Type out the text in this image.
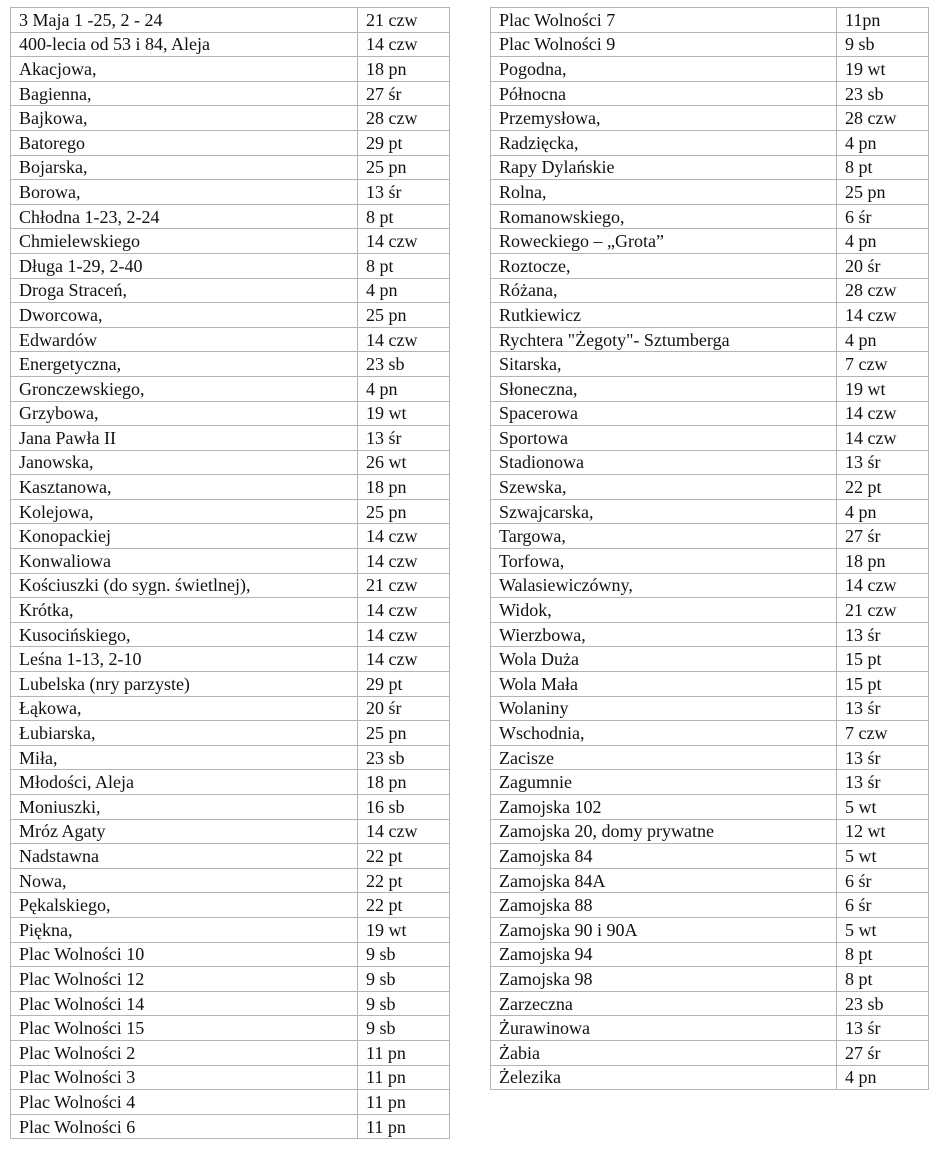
3 Maja 1 -25, 2 - 24	21 czw
400-lecia od 53 i 84, Aleja	14 czw
Akacjowa,	18 pn
Bagienna,	27 śr
Bajkowa,	28 czw
Batorego	29 pt
Bojarska,	25 pn
Borowa,	13 śr
Chłodna 1-23, 2-24	8 pt
Chmielewskiego	14 czw
Długa 1-29, 2-40	8 pt
Droga Straceń,	4 pn
Dworcowa,	25 pn
Edwardów	14 czw
Energetyczna,	23 sb
Gronczewskiego,	4 pn
Grzybowa,	19 wt
Jana Pawła II	13 śr
Janowska,	26 wt
Kasztanowa,	18 pn
Kolejowa,	25 pn
Konopackiej	14 czw
Konwaliowa	14 czw
Kościuszki (do sygn. świetlnej),	21 czw
Krótka,	14 czw
Kusocińskiego,	14 czw
Leśna 1-13, 2-10	14 czw
Lubelska (nry parzyste)	29 pt
Łąkowa,	20 śr
Łubiarska,	25 pn
Miła,	23 sb
Młodości, Aleja	18 pn
Moniuszki,	16 sb
Mróz Agaty	14 czw
Nadstawna	22 pt
Nowa,	22 pt
Pękalskiego,	22 pt
Piękna,	19 wt
Plac Wolności 10	9 sb
Plac Wolności 12	9 sb
Plac Wolności 14	9 sb
Plac Wolności 15	9 sb
Plac Wolności 2	11 pn
Plac Wolności 3	11 pn
Plac Wolności 4	11 pn
Plac Wolności 6	11 pn
Plac Wolności 7	11pn
Plac Wolności 9	9 sb
Pogodna,	19 wt
Północna	23 sb
Przemysłowa,	28 czw
Radzięcka,	4 pn
Rapy Dylańskie	8 pt
Rolna,	25 pn
Romanowskiego,	6 śr
Roweckiego – „Grota”	4 pn
Roztocze,	20 śr
Różana,	28 czw
Rutkiewicz	14 czw
Rychtera "Żegoty"- Sztumberga	4 pn
Sitarska,	7 czw
Słoneczna,	19 wt
Spacerowa	14 czw
Sportowa	14 czw
Stadionowa	13 śr
Szewska,	22 pt
Szwajcarska,	4 pn
Targowa,	27 śr
Torfowa,	18 pn
Walasiewiczówny,	14 czw
Widok,	21 czw
Wierzbowa,	13 śr
Wola Duża	15 pt
Wola Mała	15 pt
Wolaniny	13 śr
Wschodnia,	7 czw
Zacisze	13 śr
Zagumnie	13 śr
Zamojska 102	5 wt
Zamojska 20, domy prywatne	12 wt
Zamojska 84	5 wt
Zamojska 84A	6 śr
Zamojska 88	6 śr
Zamojska 90 i 90A	5 wt
Zamojska 94	8 pt
Zamojska 98	8 pt
Zarzeczna	23 sb
Żurawinowa	13 śr
Żabia	27 śr
Żelezika	4 pn
